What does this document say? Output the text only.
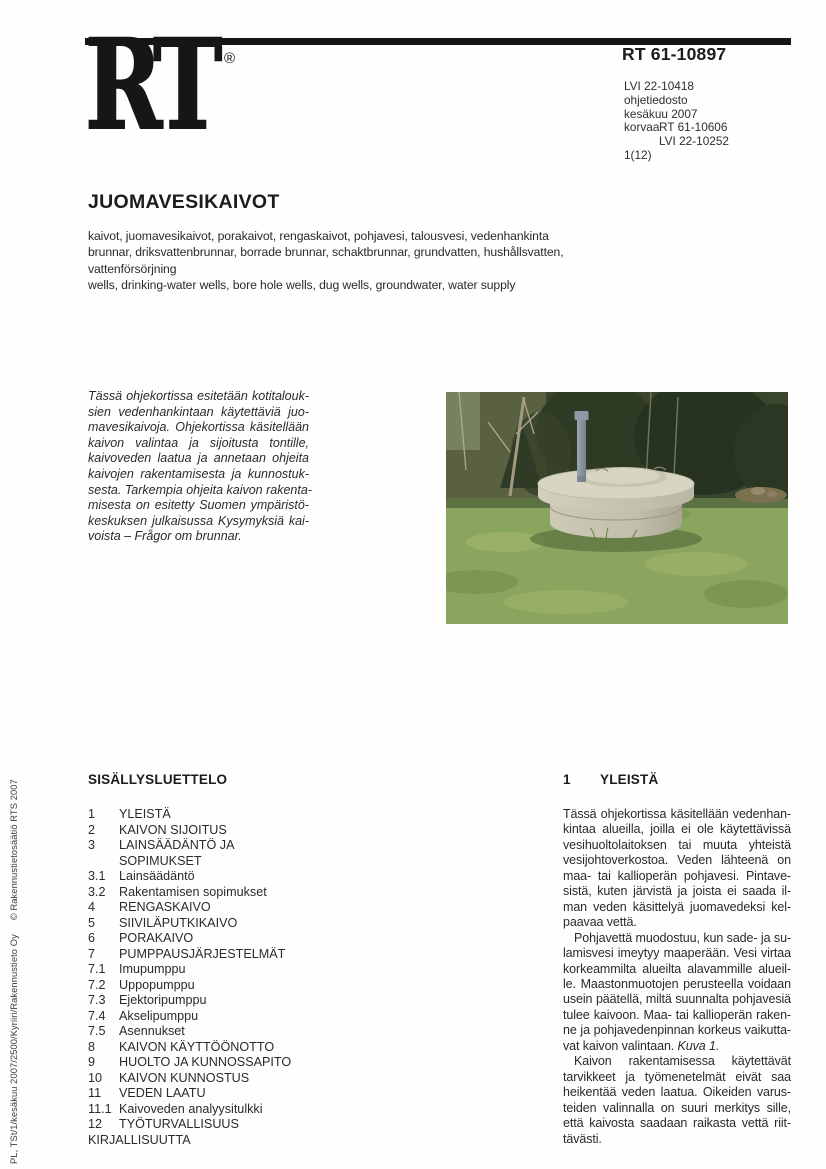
RT ®	RT 61-10897
LVI 22-10418
ohjetiedosto
kesäkuu 2007
korvaa RT 61-10606
LVI 22-10252
1(12)
JUOMAVESIKAIVOT
kaivot, juomavesikaivot, porakaivot, rengaskaivot, pohjavesi, talousvesi, vedenhankinta
brunnar, driksvattenbrunnar, borrade brunnar, schaktbrunnar, grundvatten, hushållsvatten,
vattenförsörjning
wells, drinking-water wells, bore hole wells, dug wells, groundwater, water supply
Tässä ohjekortissa esitetään kotitalouk-
sien vedenhankintaan käytettäviä juo-
mavesikaivoja. Ohjekortissa käsitellään
kaivon valintaa ja sijoitusta tontille,
kaivoveden laatua ja annetaan ohjeita
kaivojen rakentamisesta ja kunnostuk-
sesta. Tarkempia ohjeita kaivon rakenta-
misesta on esitetty Suomen ympäristö-
keskuksen julkaisussa Kysymyksiä kai-
voista – Frågor om brunnar.
SISÄLLYSLUETTELO
1	YLEISTÄ
2	KAIVON SIJOITUS
3	LAINSÄÄDÄNTÖ JA
SOPIMUKSET
3.1	Lainsäädäntö
3.2	Rakentamisen sopimukset
4	RENGASKAIVO
5	SIIVILÄPUTKIKAIVO
6	PORAKAIVO
7	PUMPPAUSJÄRJESTELMÄT
7.1	Imupumppu
7.2	Uppopumppu
7.3	Ejektoripumppu
7.4	Akselipumppu
7.5	Asennukset
8	KAIVON KÄYTTÖÖNOTTO
9	HUOLTO JA KUNNOSSAPITO
10	KAIVON KUNNOSTUS
11	VEDEN LAATU
11.1 Kaivoveden analyysitulkki
12	TYÖTURVALLISUUS
KIRJALLISUUTTA
1	YLEISTÄ
Tässä ohjekortissa käsitellään vedenhan-
kintaa alueilla, joilla ei ole käytettävissä
vesihuoltolaitoksen tai muuta yhteistä
vesijohtoverkostoa. Veden lähteenä on
maa- tai kallioperän pohjavesi. Pintave-
sistä, kuten järvistä ja joista ei saada il-
man veden käsittelyä juomavedeksi kel-
paavaa vettä.
Pohjavettä muodostuu, kun sade- ja su-
lamisvesi imeytyy maaperään. Vesi virtaa
korkeammilta alueilta alavammille alueil-
le. Maastonmuotojen perusteella voidaan
usein päätellä, miltä suunnalta pohjavesiä
tulee kaivoon. Maa- tai kallioperän raken-
ne ja pohjavedenpinnan korkeus vaikutta-
vat kaivon valintaan. Kuva 1.
Kaivon rakentamisessa käytettävät
tarvikkeet ja työmenetelmät eivät saa
heikentää veden laatua. Oikeiden varus-
teiden valinnalla on suuri merkitys sille,
että kaivosta saadaan raikasta vettä riit-
tävästi.
PL, TSt/1/kesäkuu 2007/2500/Kyriiri/Rakennustieto Oy© Rakennustietosäätiö RTS 2007
